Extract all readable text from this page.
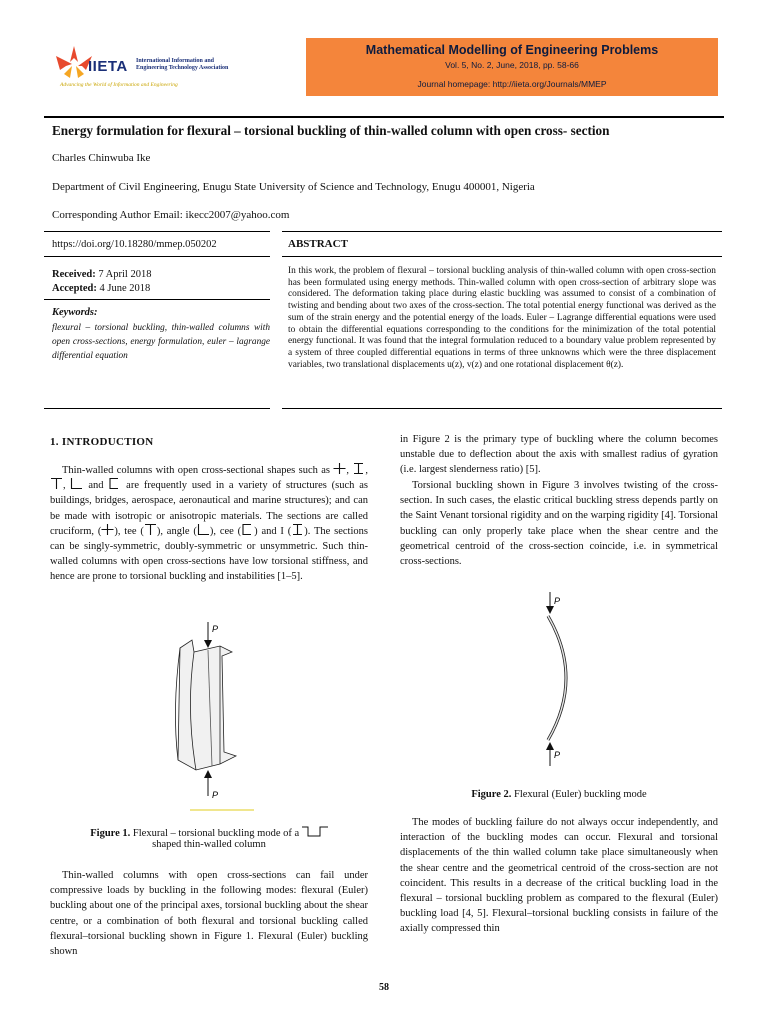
IIETA International Information and
Engineering Technology Association
Advancing the World of Information and Engineering
Mathematical Modelling of Engineering Problems
Vol. 5, No. 2, June, 2018, pp. 58-66
Journal homepage: http://iieta.org/Journals/MMEP
Energy formulation for flexural – torsional buckling of thin-walled column with open cross- section
Charles Chinwuba Ike
Department of Civil Engineering, Enugu State University of Science and Technology, Enugu 400001, Nigeria
Corresponding Author Email: ikecc2007@yahoo.com
https://doi.org/10.18280/mmep.050202	ABSTRACT
Received: 7 April 2018
Accepted: 4 June 2018
Keywords:
flexural – torsional buckling, thin-walled columns with open cross-sections, energy formulation, euler – lagrange differential equation
In this work, the problem of flexural – torsional buckling analysis of thin-walled column with open cross-section has been formulated using energy methods. Thin-walled column with open cross-section of arbitrary slope was considered. The deformation taking place during elastic buckling was assumed to consist of a combination of twisting and bending about two axes of the cross-section. The total potential energy functional was derived as the sum of the strain energy and the potential energy of the loads. Euler – Lagrange differential equations were used to obtain the differential equations corresponding to the conditions for the minimization of the total potential energy functional. It was found that the integral formulation reduced to a boundary value problem represented by a system of three coupled differential equations in terms of three unknowns which were the three displacement variables, two translational displacements u(z), v(z) and one rotational displacement θ(z).
1. INTRODUCTION

Thin-walled columns with open cross-sectional shapes such as , , ,  and are frequently used in a variety of structures (such as buildings, bridges, aerospace, aeronautical and marine structures); and can be made with isotropic or anisotropic materials. The sections are called cruciform, ( ), tee ( ), angle ( ), cee ( ) and I ( ). The sections can be singly-symmetric, doubly-symmetric or unsymmetric. Such thin-walled columns with open cross-sections have low torsional stiffness, and hence are prone to torsional buckling and instabilities [1–5].

P
P
Figure 1. Flexural – torsional buckling mode of a
shaped thin-walled column

Thin-walled columns with open cross-sections can fail under compressive loads by buckling in the following modes: flexural (Euler) buckling about one of the principal axes, torsional buckling about the shear centre, or a combination of both flexural and torsional buckling called flexural–torsional buckling shown in Figure 1. Flexural (Euler) buckling shown

in Figure 2 is the primary type of buckling where the column becomes unstable due to deflection about the axis with smallest radius of gyration (i.e. largest slenderness ratio) [5].

Torsional buckling shown in Figure 3 involves twisting of the cross-section. In such cases, the elastic critical buckling stress depends partly on the Saint Venant torsional rigidity and on the warping rigidity [4]. Torsional buckling can only properly take place when the shear centre and the geometrical centroid of the cross-section coincide, i.e. in symmetrical cross-sections.

P
P
Figure 2. Flexural (Euler) buckling mode

The modes of buckling failure do not always occur independently, and interaction of the buckling modes can occur. Flexural and torsional displacements of the thin walled column take place simultaneously when the shear centre and the geometrical centroid of the cross-section are not coincident. This results in a decrease of the critical buckling load in the flexural – torsional buckling problem as compared to the flexural (Euler) buckling load [4, 5]. Flexural–torsional buckling consists in failure of the axially compressed thin

58
